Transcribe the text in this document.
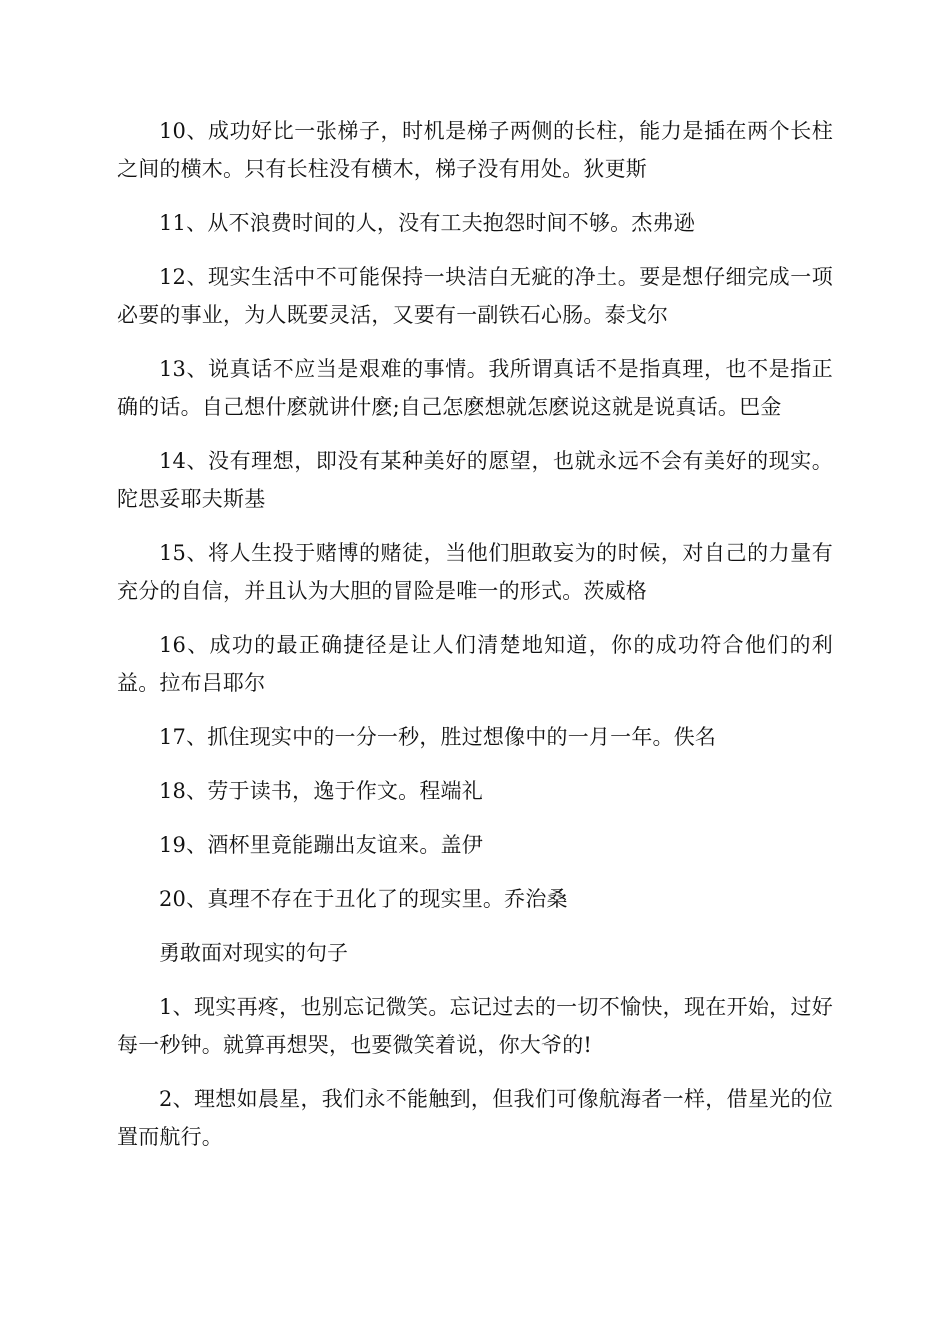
10、成功好比一张梯子，时机是梯子两侧的长柱，能力是插在两个长柱之间的横木。只有长柱没有横木，梯子没有用处。狄更斯

11、从不浪费时间的人，没有工夫抱怨时间不够。杰弗逊

12、现实生活中不可能保持一块洁白无疵的净土。要是想仔细完成一项必要的事业，为人既要灵活，又要有一副铁石心肠。泰戈尔

13、说真话不应当是艰难的事情。我所谓真话不是指真理，也不是指正确的话。自己想什麽就讲什麽;自己怎麽想就怎麽说这就是说真话。巴金

14、没有理想，即没有某种美好的愿望，也就永远不会有美好的现实。陀思妥耶夫斯基

15、将人生投于赌博的赌徒，当他们胆敢妄为的时候，对自己的力量有充分的自信，并且认为大胆的冒险是唯一的形式。茨威格

16、成功的最正确捷径是让人们清楚地知道，你的成功符合他们的利益。拉布吕耶尔

17、抓住现实中的一分一秒，胜过想像中的一月一年。佚名

18、劳于读书，逸于作文。程端礼

19、酒杯里竟能蹦出友谊来。盖伊

20、真理不存在于丑化了的现实里。乔治桑

勇敢面对现实的句子

1、现实再疼，也别忘记微笑。忘记过去的一切不愉快，现在开始，过好每一秒钟。就算再想哭，也要微笑着说，你大爷的!

2、理想如晨星，我们永不能触到，但我们可像航海者一样，借星光的位置而航行。
